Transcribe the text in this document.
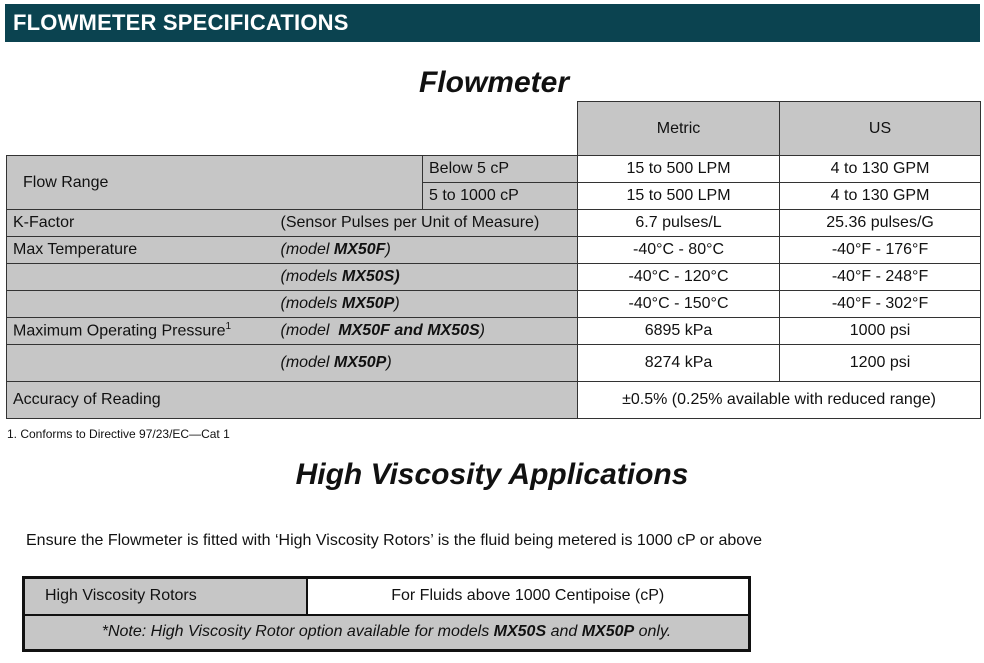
FLOWMETER SPECIFICATIONS
Flowmeter
			Metric	US
Flow Range		Below 5 cP	15 to 500 LPM	4 to 130 GPM
		5 to 1000 cP	15 to 500 LPM	4 to 130 GPM
K-Factor	(Sensor Pulses per Unit of Measure)		6.7 pulses/L	25.36 pulses/G
Max Temperature	(model MX50F)		-40°C - 80°C	-40°F - 176°F
	(models MX50S)		-40°C - 120°C	-40°F - 248°F
	(models MX50P)		-40°C - 150°C	-40°F - 302°F
Maximum Operating Pressure$^1$	(model  MX50F and MX50S)		6895 kPa	1000 psi
	(model MX50P)		8274 kPa	1200 psi
Accuracy of Reading			±0.5% (0.25% available with reduced range)	
1. Conforms to Directive 97/23/EC—Cat 1
High Viscosity Applications
Ensure the Flowmeter is fitted with ‘High Viscosity Rotors’ is the fluid being metered is 1000 cP or above
High Viscosity Rotors	For Fluids above 1000 Centipoise (cP)
*Note: High Viscosity Rotor option available for models MX50S and MX50P only.
